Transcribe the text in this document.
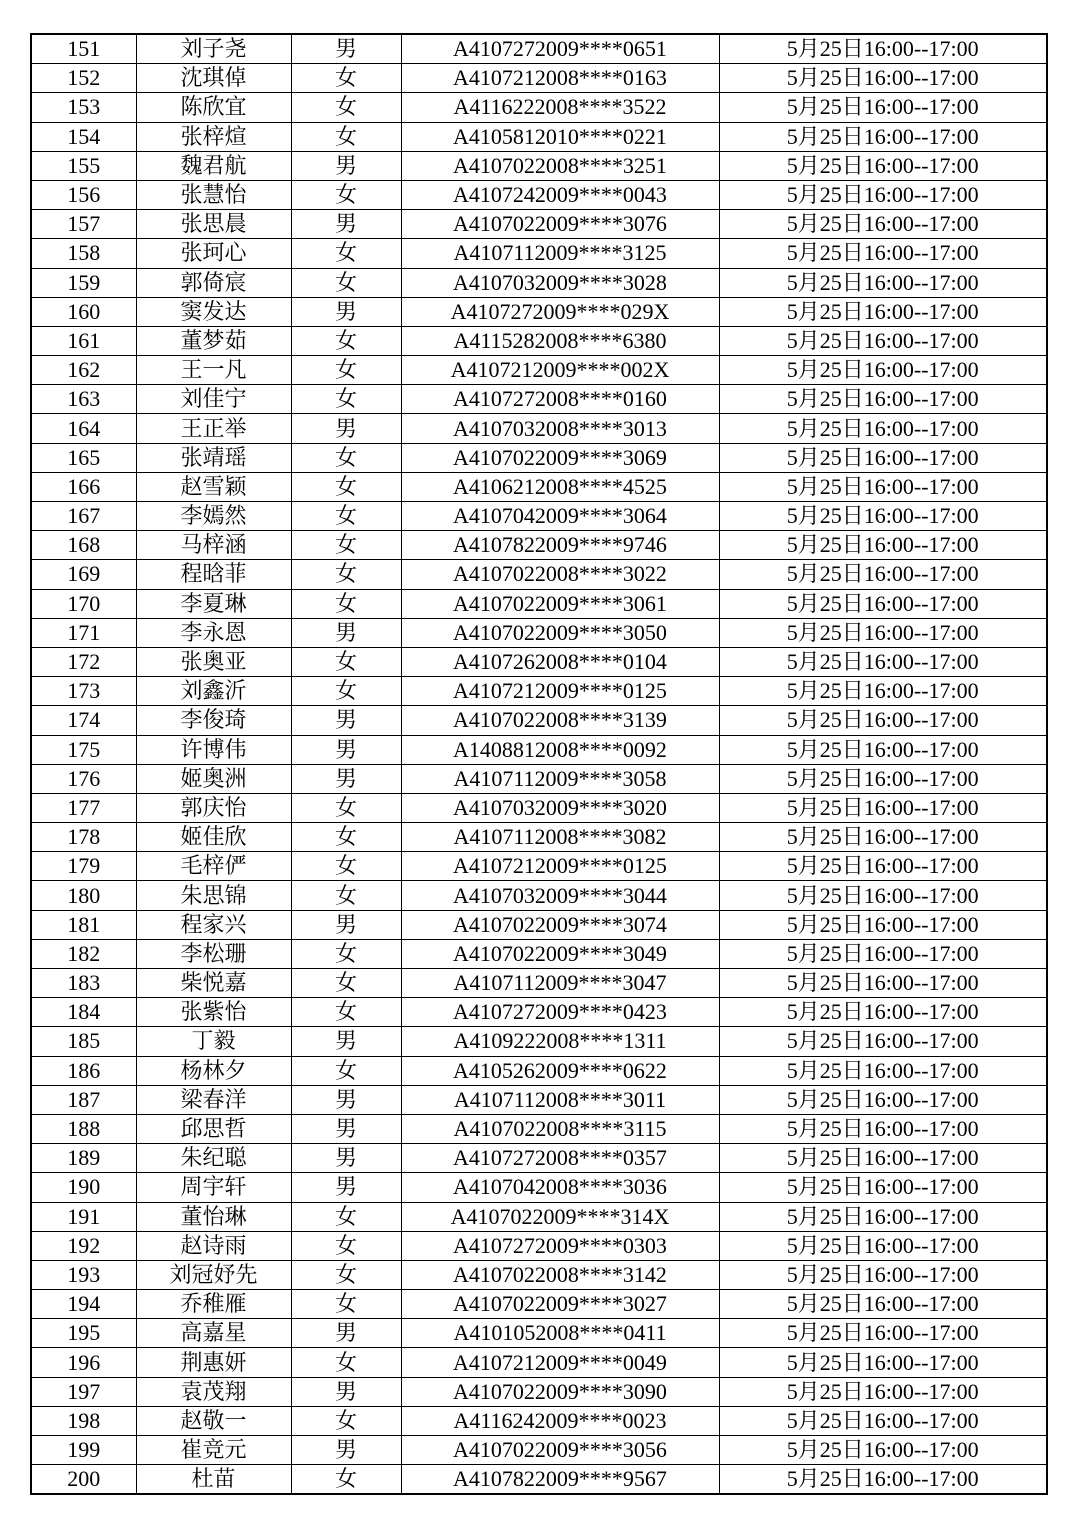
151	刘子尧	男	A4107272009****0651	5月25日16:00--17:00
152	沈琪倬	女	A4107212008****0163	5月25日16:00--17:00
153	陈欣宜	女	A4116222008****3522	5月25日16:00--17:00
154	张梓煊	女	A4105812010****0221	5月25日16:00--17:00
155	魏君航	男	A4107022008****3251	5月25日16:00--17:00
156	张慧怡	女	A4107242009****0043	5月25日16:00--17:00
157	张思晨	男	A4107022009****3076	5月25日16:00--17:00
158	张珂心	女	A4107112009****3125	5月25日16:00--17:00
159	郭倚宸	女	A4107032009****3028	5月25日16:00--17:00
160	窦发达	男	A4107272009****029X	5月25日16:00--17:00
161	董梦茹	女	A4115282008****6380	5月25日16:00--17:00
162	王一凡	女	A4107212009****002X	5月25日16:00--17:00
163	刘佳宁	女	A4107272008****0160	5月25日16:00--17:00
164	王正举	男	A4107032008****3013	5月25日16:00--17:00
165	张靖瑶	女	A4107022009****3069	5月25日16:00--17:00
166	赵雪颖	女	A4106212008****4525	5月25日16:00--17:00
167	李嫣然	女	A4107042009****3064	5月25日16:00--17:00
168	马梓涵	女	A4107822009****9746	5月25日16:00--17:00
169	程晗菲	女	A4107022008****3022	5月25日16:00--17:00
170	李夏琳	女	A4107022009****3061	5月25日16:00--17:00
171	李永恩	男	A4107022009****3050	5月25日16:00--17:00
172	张奥亚	女	A4107262008****0104	5月25日16:00--17:00
173	刘鑫沂	女	A4107212009****0125	5月25日16:00--17:00
174	李俊琦	男	A4107022008****3139	5月25日16:00--17:00
175	许博伟	男	A1408812008****0092	5月25日16:00--17:00
176	姬奥洲	男	A4107112009****3058	5月25日16:00--17:00
177	郭庆怡	女	A4107032009****3020	5月25日16:00--17:00
178	姬佳欣	女	A4107112008****3082	5月25日16:00--17:00
179	毛梓俨	女	A4107212009****0125	5月25日16:00--17:00
180	朱思锦	女	A4107032009****3044	5月25日16:00--17:00
181	程家兴	男	A4107022009****3074	5月25日16:00--17:00
182	李松珊	女	A4107022009****3049	5月25日16:00--17:00
183	柴悦嘉	女	A4107112009****3047	5月25日16:00--17:00
184	张紫怡	女	A4107272009****0423	5月25日16:00--17:00
185	丁毅	男	A4109222008****1311	5月25日16:00--17:00
186	杨林夕	女	A4105262009****0622	5月25日16:00--17:00
187	梁春洋	男	A4107112008****3011	5月25日16:00--17:00
188	邱思哲	男	A4107022008****3115	5月25日16:00--17:00
189	朱纪聪	男	A4107272008****0357	5月25日16:00--17:00
190	周宇轩	男	A4107042008****3036	5月25日16:00--17:00
191	董怡琳	女	A4107022009****314X	5月25日16:00--17:00
192	赵诗雨	女	A4107272009****0303	5月25日16:00--17:00
193	刘冠妤先	女	A4107022008****3142	5月25日16:00--17:00
194	乔稚雁	女	A4107022009****3027	5月25日16:00--17:00
195	高嘉星	男	A4101052008****0411	5月25日16:00--17:00
196	荆惠妍	女	A4107212009****0049	5月25日16:00--17:00
197	袁茂翔	男	A4107022009****3090	5月25日16:00--17:00
198	赵敬一	女	A4116242009****0023	5月25日16:00--17:00
199	崔竞元	男	A4107022009****3056	5月25日16:00--17:00
200	杜苗	女	A4107822009****9567	5月25日16:00--17:00
